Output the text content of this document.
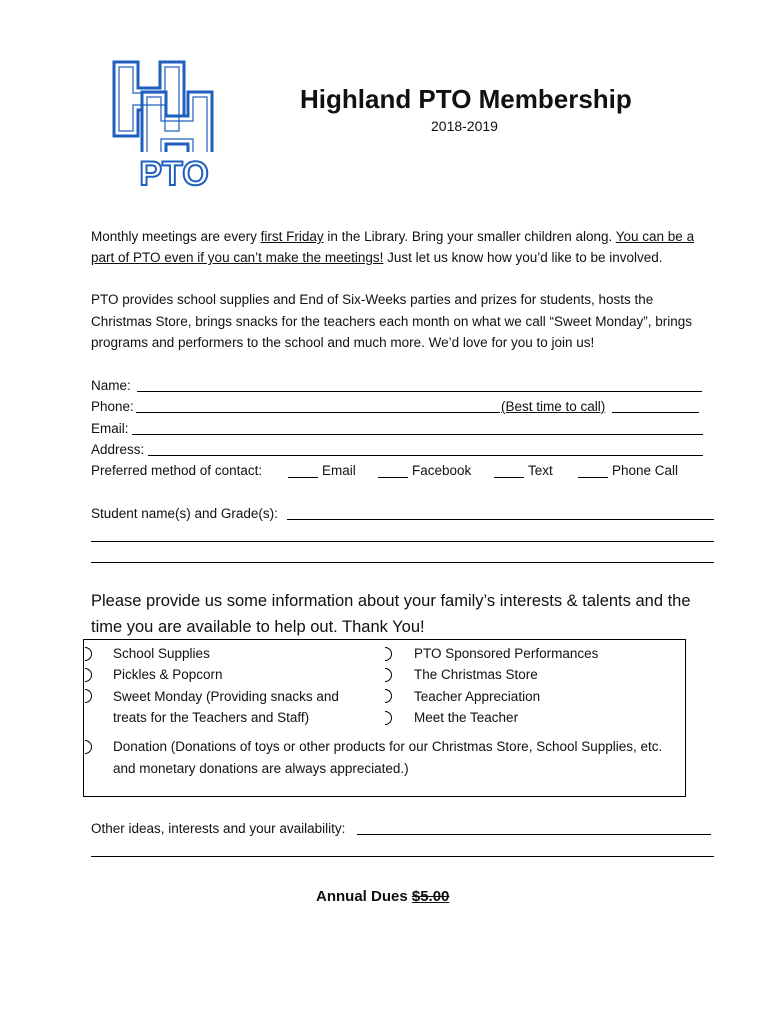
PTO
Highland PTO Membership
2018-2019
Monthly meetings are every first Friday in the Library. Bring your smaller children along. You can be a
part of PTO even if you can’t make the meetings! Just let us know how you’d like to be involved.
PTO provides school supplies and End of Six-Weeks parties and prizes for students, hosts the
Christmas Store, brings snacks for the teachers each month on what we call “Sweet Monday”, brings
programs and performers to the school and much more. We’d love for you to join us!
Name:
Phone:	(Best time to call)
Email:
Address:
Preferred method of contact:	Email	Facebook	Text	Phone Call
Student name(s) and Grade(s):
Please provide us some information about your family’s interests & talents and the
time you are available to help out. Thank You!
School Supplies
Pickles & Popcorn
Sweet Monday (Providing snacks and
treats for the Teachers and Staff)
PTO Sponsored Performances
The Christmas Store
Teacher Appreciation
Meet the Teacher
Donation (Donations of toys or other products for our Christmas Store, School Supplies, etc.
and monetary donations are always appreciated.)
Other ideas, interests and your availability:
Annual Dues $5.00
